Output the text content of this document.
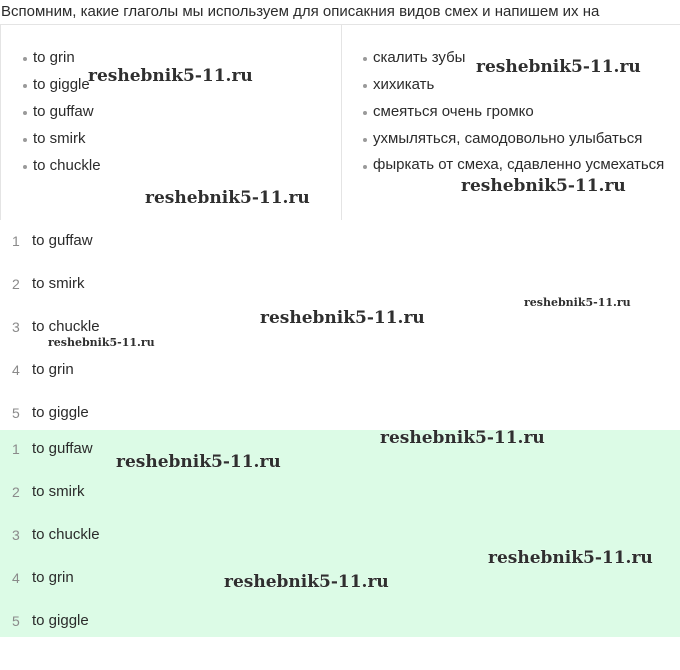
Вспомним, какие глаголы мы используем для описакния видов смех и напишем их на
to grin
to giggle
to guffaw
to smirk
to chuckle
скалить зубы
хихикать
смеяться очень громко
ухмыляться, самодовольно улыбаться
фыркать от смеха, сдавленно усмехаться
1 to guffaw
2 to smirk
3 to chuckle
4 to grin
5 to giggle
1 to guffaw
2 to smirk
3 to chuckle
4 to grin
5 to giggle
reshebnik5-11.ru	reshebnik5-11.ru
reshebnik5-11.ru
reshebnik5-11.ru
reshebnik5-11.ru
reshebnik5-11.ru
reshebnik5-11.ru
reshebnik5-11.ru
reshebnik5-11.ru
reshebnik5-11.ru
reshebnik5-11.ru
